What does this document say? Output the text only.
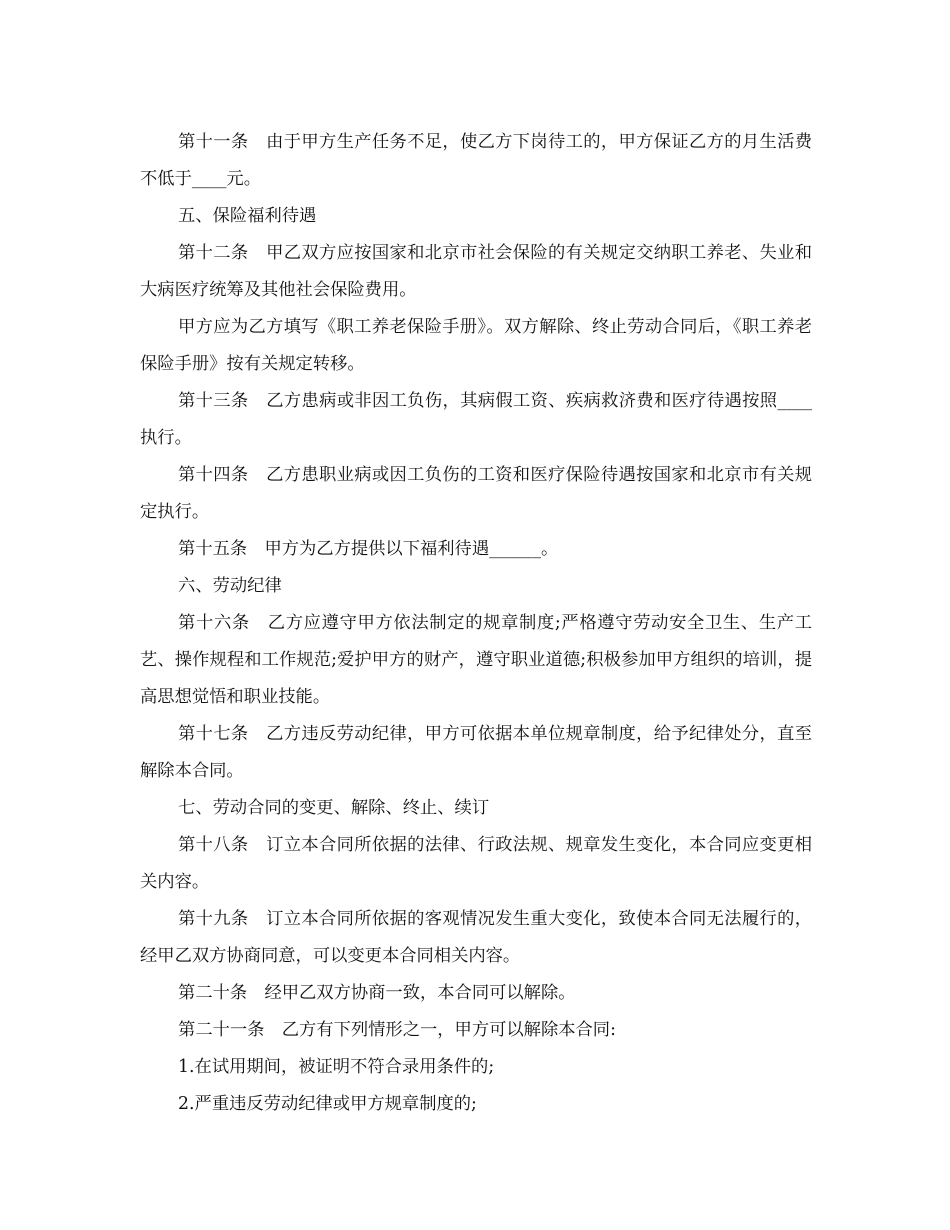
第十一条　由于甲方生产任务不足，使乙方下岗待工的，甲方保证乙方的月生活费不低于____元。

五、保险福利待遇

第十二条　甲乙双方应按国家和北京市社会保险的有关规定交纳职工养老、失业和大病医疗统筹及其他社会保险费用。

甲方应为乙方填写《职工养老保险手册》。双方解除、终止劳动合同后，《职工养老保险手册》按有关规定转移。

第十三条　乙方患病或非因工负伤，其病假工资、疾病救济费和医疗待遇按照____执行。

第十四条　乙方患职业病或因工负伤的工资和医疗保险待遇按国家和北京市有关规定执行。

第十五条　甲方为乙方提供以下福利待遇______。

六、劳动纪律

第十六条　乙方应遵守甲方依法制定的规章制度;严格遵守劳动安全卫生、生产工艺、操作规程和工作规范;爱护甲方的财产，遵守职业道德;积极参加甲方组织的培训，提高思想觉悟和职业技能。

第十七条　乙方违反劳动纪律，甲方可依据本单位规章制度，给予纪律处分，直至解除本合同。

七、劳动合同的变更、解除、终止、续订

第十八条　订立本合同所依据的法律、行政法规、规章发生变化，本合同应变更相关内容。

第十九条　订立本合同所依据的客观情况发生重大变化，致使本合同无法履行的，经甲乙双方协商同意，可以变更本合同相关内容。

第二十条　经甲乙双方协商一致，本合同可以解除。

第二十一条　乙方有下列情形之一，甲方可以解除本合同:

1.在试用期间，被证明不符合录用条件的;

2.严重违反劳动纪律或甲方规章制度的;
